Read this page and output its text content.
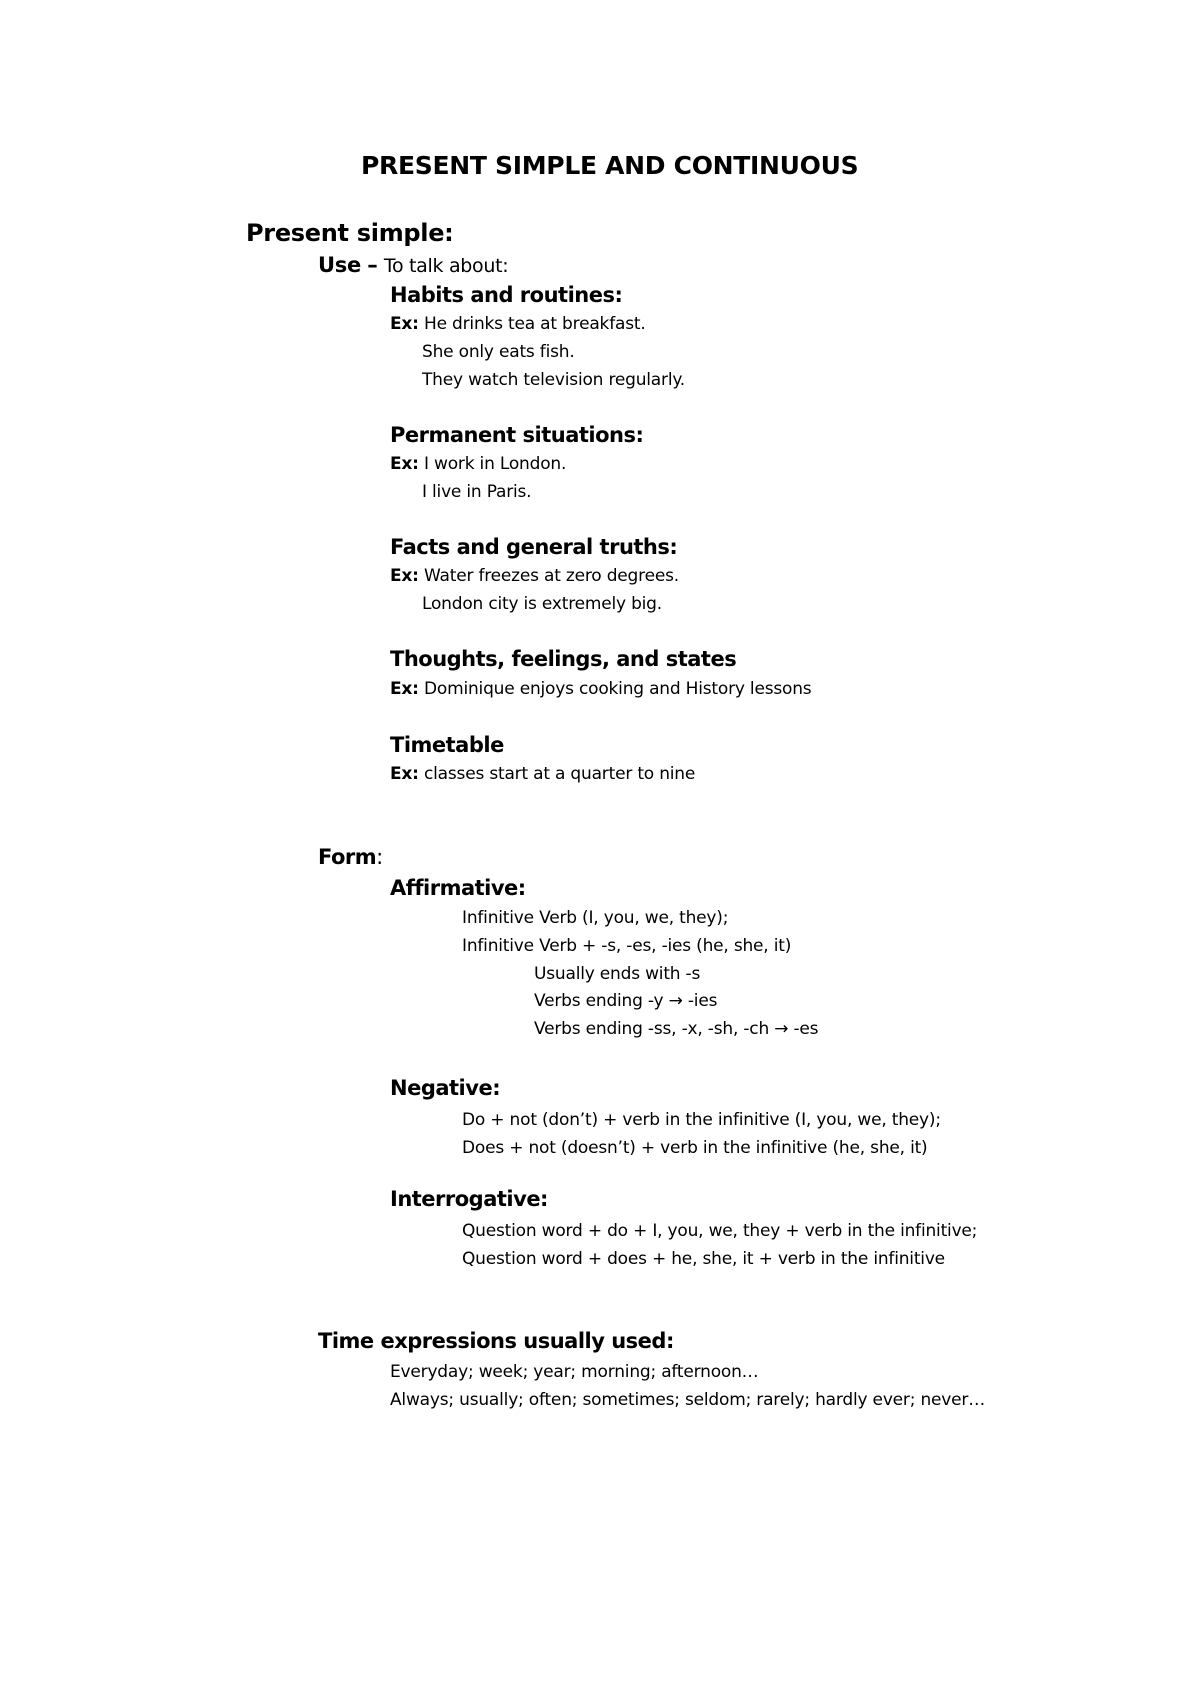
PRESENT SIMPLE AND CONTINUOUS
Present simple:
Use – To talk about:
Habits and routines:
Ex: He drinks tea at breakfast.
She only eats fish.
They watch television regularly.
Permanent situations:
Ex: I work in London.
I live in Paris.
Facts and general truths:
Ex: Water freezes at zero degrees.
London city is extremely big.
Thoughts, feelings, and states
Ex: Dominique enjoys cooking and History lessons
Timetable
Ex: classes start at a quarter to nine
Form:
Affirmative:
Infinitive Verb (I, you, we, they);
Infinitive Verb + -s, -es, -ies (he, she, it)
Usually ends with -s
Verbs ending -y → -ies
Verbs ending -ss, -x, -sh, -ch → -es
Negative:
Do + not (don’t) + verb in the infinitive (I, you, we, they);
Does + not (doesn’t) + verb in the infinitive (he, she, it)
Interrogative:
Question word + do + I, you, we, they + verb in the infinitive;
Question word + does + he, she, it + verb in the infinitive
Time expressions usually used:
Everyday; week; year; morning; afternoon…
Always; usually; often; sometimes; seldom; rarely; hardly ever; never…
